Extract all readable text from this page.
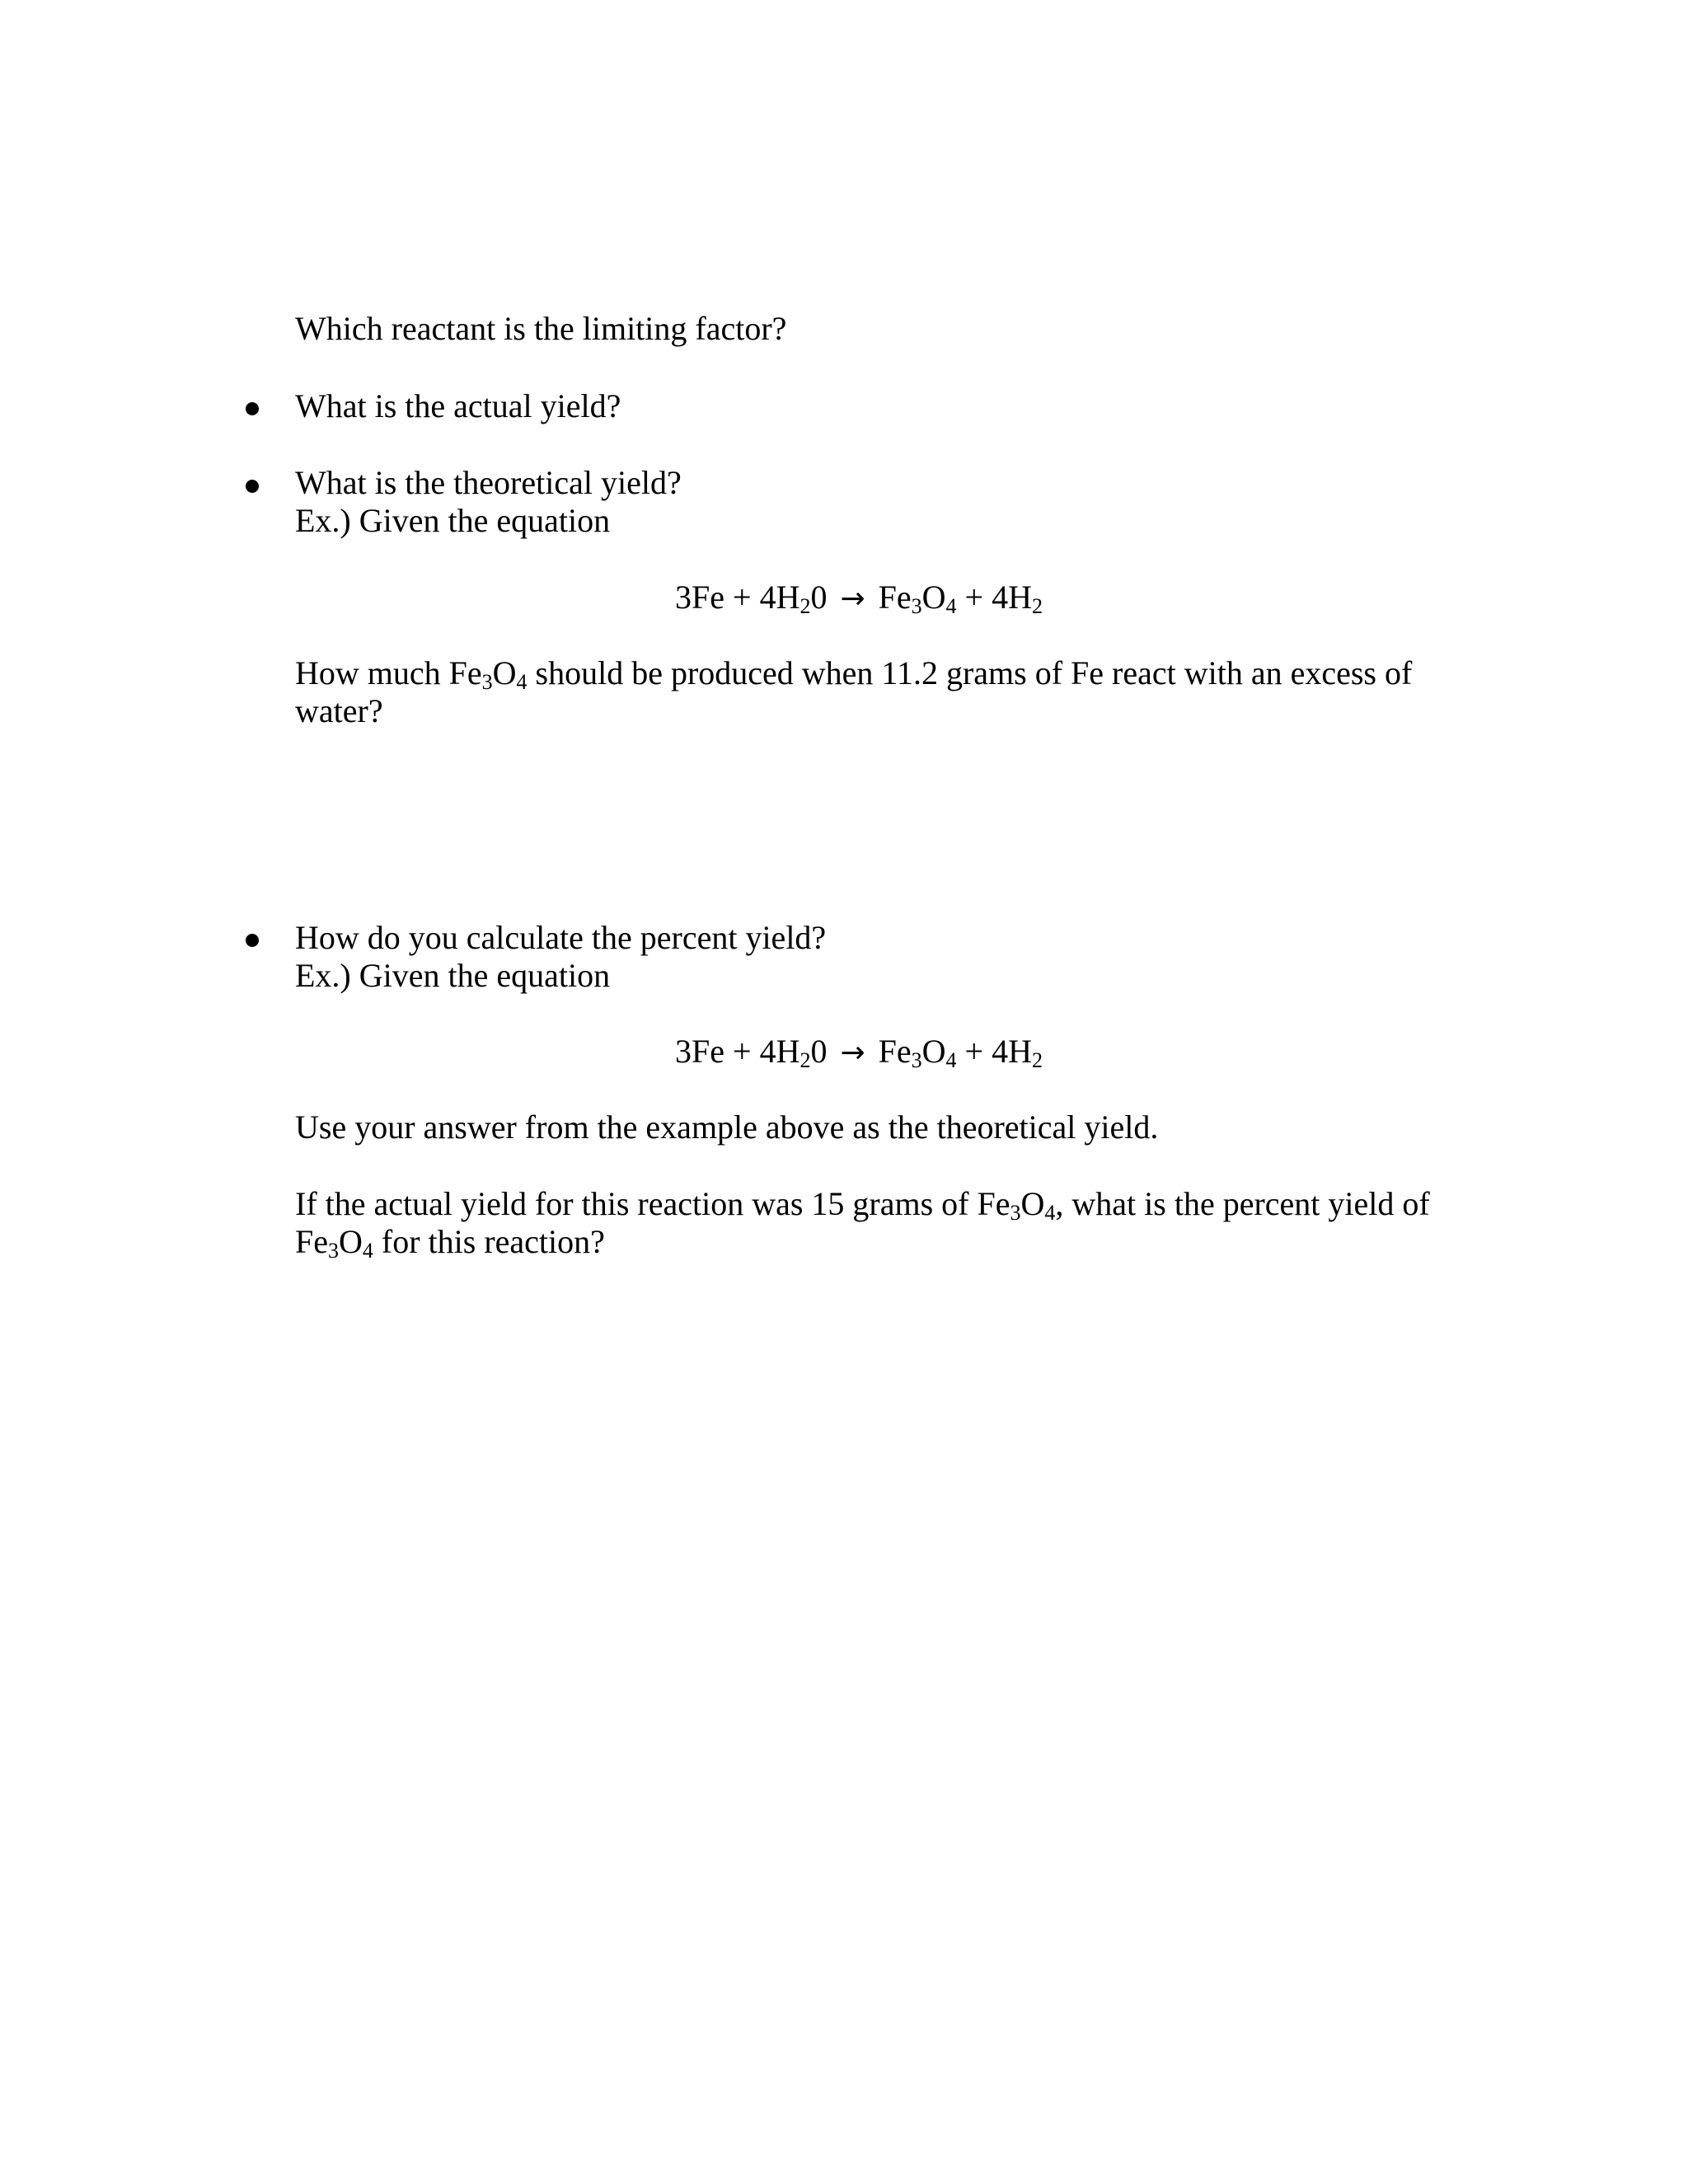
Which reactant is the limiting factor?

What is the actual yield?

What is the theoretical yield?

Ex.) Given the equation

$3Fe + 4H_20 \to Fe_3O_4 + 4H_2$

How much $Fe_3O_4$ should be produced when 11.2 grams of Fe react with an excess of

water?

How do you calculate the percent yield?

Ex.) Given the equation

$3Fe + 4H_20 \to Fe_3O_4 + 4H_2$

Use your answer from the example above as the theoretical yield.

If the actual yield for this reaction was 15 grams of $Fe_3O_4$, what is the percent yield of

$Fe_3O_4$ for this reaction?
